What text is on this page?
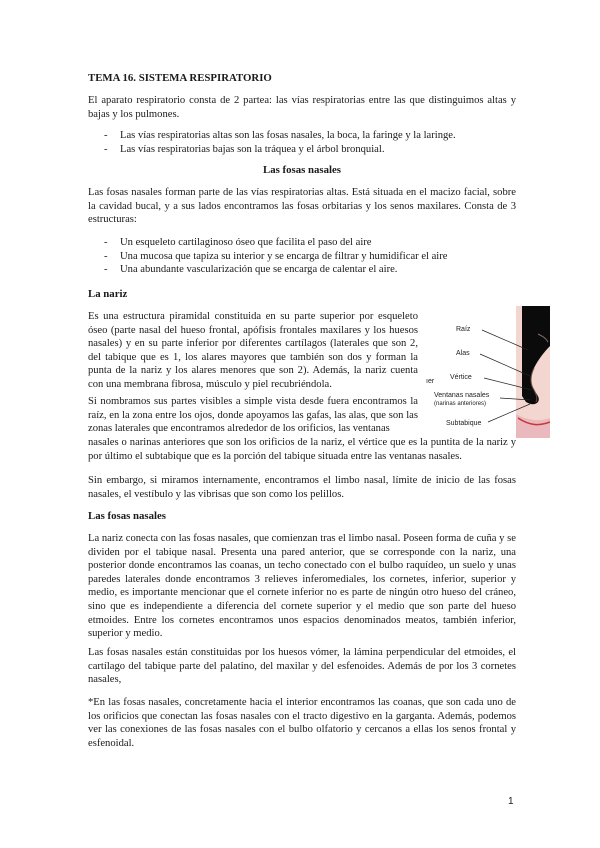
TEMA 16. SISTEMA RESPIRATORIO

El aparato respiratorio consta de 2 partea: las vías respiratorias entre las que distinguimos altas y bajas y los pulmones.

- Las vías respiratorias altas son las fosas nasales, la boca, la faringe y la laringe.
- Las vías respiratorias bajas son la tráquea y el árbol bronquial.
Las fosas nasales

Las fosas nasales forman parte de las vías respiratorias altas. Está situada en el macizo facial, sobre la cavidad bucal, y a sus lados encontramos las fosas orbitarias y los senos maxilares. Consta de 3 estructuras:

- Un esqueleto cartilaginoso óseo que facilita el paso del aire
- Una mucosa que tapiza su interior y se encarga de filtrar y humidificar el aire
- Una abundante vascularización que se encarga de calentar el aire.
La nariz

Es una estructura piramidal constituida en su parte superior por esqueleto óseo (parte nasal del hueso frontal, apófisis frontales maxilares y los huesos nasales) y en su parte inferior por diferentes cartílagos (laterales que son 2, del tabique que es 1, los alares mayores que también son dos y forman la punta de la nariz y los alares menores que son 2). Además, la nariz cuenta con una membrana fibrosa, músculo y piel recubriéndola.

Si nombramos sus partes visibles a simple vista desde fuera encontramos la raíz, en la zona entre los ojos, donde apoyamos las gafas, las alas, que son las zonas laterales que encontramos alrededor de los orificios, las ventanas

nasales o narinas anteriores que son los orificios de la nariz, el vértice que es la puntita de la nariz y por último el subtabique que es la porción del tabique situada entre las ventanas nasales.

Sin embargo, si miramos internamente, encontramos el limbo nasal, límite de inicio de las fosas nasales, el vestíbulo y las vibrisas que son como los pelillos.

Las fosas nasales

La nariz conecta con las fosas nasales, que comienzan tras el limbo nasal. Poseen forma de cuña y se dividen por el tabique nasal. Presenta una pared anterior, que se corresponde con la nariz, una posterior donde encontramos las coanas, un techo conectado con el bulbo raquídeo, un suelo y unas paredes laterales donde encontramos 3 relieves inferomediales, los cornetes, inferior, superior y medio, es importante mencionar que el cornete inferior no es parte de ningún otro hueso del cráneo, sino que es independiente a diferencia del cornete superior y el medio que son parte del hueso etmoides. Entre los cornetes encontramos unos espacios denominados meatos, también inferior, superior y medio.

Las fosas nasales están constituidas por los huesos vómer, la lámina perpendicular del etmoides, el cartílago del tabique parte del palatino, del maxilar y del esfenoides. Además de por los 3 cornetes nasales,

*En las fosas nasales, concretamente hacia el interior encontramos las coanas, que son cada uno de los orificios que conectan las fosas nasales con el tracto digestivo en la garganta. Además, podemos ver las conexiones de las fosas nasales con el bulbo olfatorio y cercanos a ellas los senos frontal y esfenoidal.

Raíz
Alas
Vértice
Ventanas nasales
(narinas anteriores)
Subtabique
ıer
1
